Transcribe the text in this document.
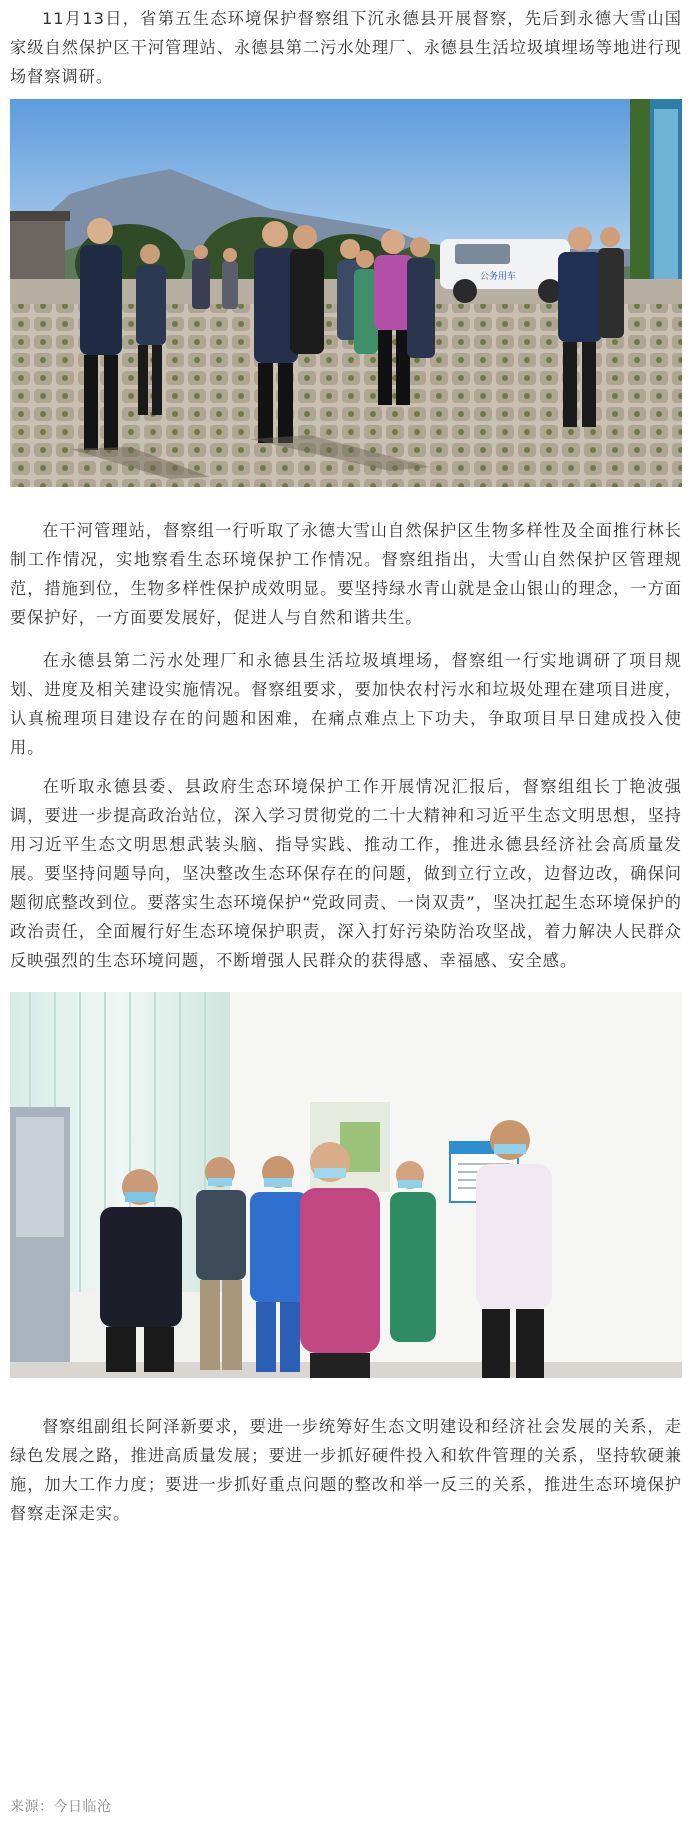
11月13日，省第五生态环境保护督察组下沉永德县开展督察，先后到永德大雪山国家级自然保护区干河管理站、永德县第二污水处理厂、永德县生活垃圾填埋场等地进行现场督察调研。

公务用车

在干河管理站，督察组一行听取了永德大雪山自然保护区生物多样性及全面推行林长制工作情况，实地察看生态环境保护工作情况。督察组指出，大雪山自然保护区管理规范，措施到位，生物多样性保护成效明显。要坚持绿水青山就是金山银山的理念，一方面要保护好，一方面要发展好，促进人与自然和谐共生。

在永德县第二污水处理厂和永德县生活垃圾填埋场，督察组一行实地调研了项目规划、进度及相关建设实施情况。督察组要求，要加快农村污水和垃圾处理在建项目进度，认真梳理项目建设存在的问题和困难，在痛点难点上下功夫，争取项目早日建成投入使用。

在听取永德县委、县政府生态环境保护工作开展情况汇报后，督察组组长丁艳波强调，要进一步提高政治站位，深入学习贯彻党的二十大精神和习近平生态文明思想，坚持用习近平生态文明思想武装头脑、指导实践、推动工作，推进永德县经济社会高质量发展。要坚持问题导向，坚决整改生态环保存在的问题，做到立行立改，边督边改，确保问题彻底整改到位。要落实生态环境保护“党政同责、一岗双责”，坚决扛起生态环境保护的政治责任，全面履行好生态环境保护职责，深入打好污染防治攻坚战，着力解决人民群众反映强烈的生态环境问题，不断增强人民群众的获得感、幸福感、安全感。

督察组副组长阿泽新要求，要进一步统筹好生态文明建设和经济社会发展的关系，走绿色发展之路，推进高质量发展；要进一步抓好硬件投入和软件管理的关系，坚持软硬兼施，加大工作力度；要进一步抓好重点问题的整改和举一反三的关系，推进生态环境保护督察走深走实。

来源：今日临沧
